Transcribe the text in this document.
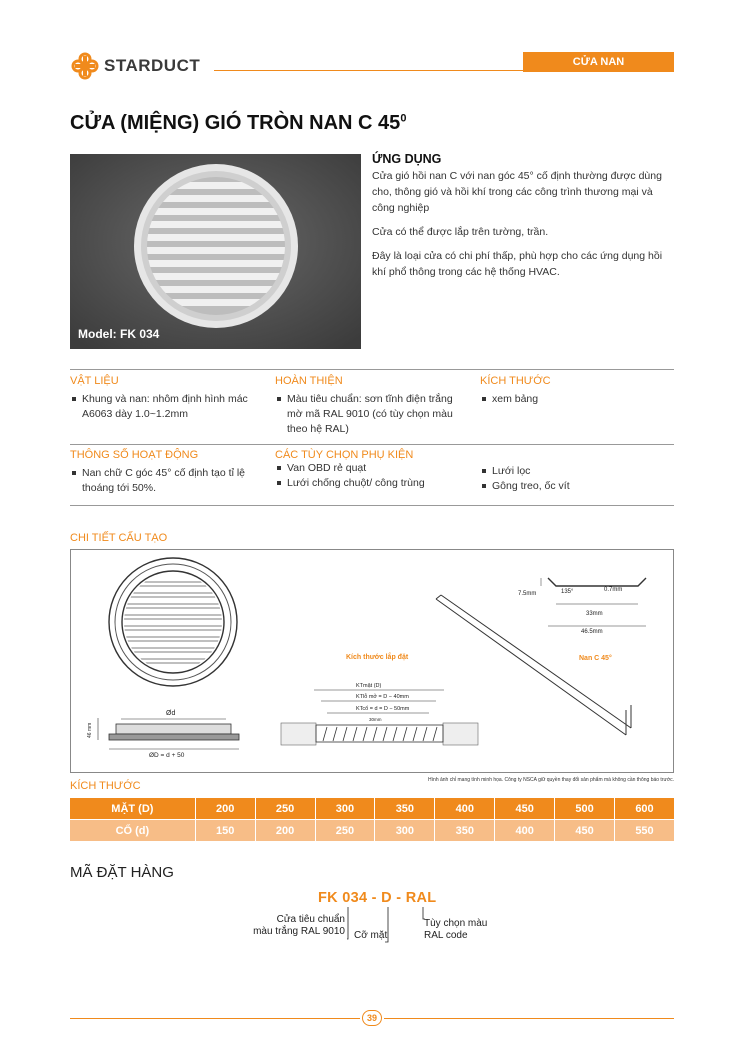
STARDUCT	CỬA NAN
CỬA (MIỆNG) GIÓ TRÒN NAN C $45^0$
Model: FK 034
ỨNG DỤNG

Cửa gió hồi nan C với nan góc 45° cố định thường được dùng cho, thông gió và hồi khí trong các công trình thương mại và công nghiệp

Cửa có thể được lắp trên tường, trần.

Đây là loại cửa có chi phí thấp, phù hợp cho các ứng dụng hồi khí phổ thông trong các hệ thống HVAC.

VẬT LIỆU
Khung và nan: nhôm định hình mác A6063 dày 1.0~1.2mm
HOÀN THIỆN
Màu tiêu chuẩn: sơn tĩnh điện trắng mờ mã RAL 9010 (có tùy chọn màu theo hệ RAL)
KÍCH THƯỚC
xem bảng
THÔNG SỐ HOẠT ĐỘNG
Nan chữ C góc 45° cố định tạo tỉ lệ thoáng tới 50%.
CÁC TÙY CHỌN PHỤ KIỆN
Van OBD rẻ quạt
Lưới chống chuột/ công trùng
Lưới lọc
Gông treo, ốc vít
CHI TIẾT CẤU TẠO
Ød
ØD = d + 50
46 mm
Kích thước lắp đặt
KTmặt (D)
KTlỗ mở = D − 40mm
KTcổ = d = D − 50mm
30mm
Nan C 45°
135°	0.7mm
7.5mm
33mm
46.5mm
KÍCH THƯỚC	Hình ảnh chỉ mang tính minh họa. Công ty NSCA giữ quyền thay đổi sản phẩm mà không cần thông báo trước.
MẶT (D)	200	250	300	350	400	450	500	600
CỔ (d)	150	200	250	300	350	400	450	550
MÃ ĐẶT HÀNG
FK 034 - D - RAL
Cửa tiêu chuẩn
màu trắng RAL 9010 Cỡ mặt
Tùy chọn màu
RAL code
39
